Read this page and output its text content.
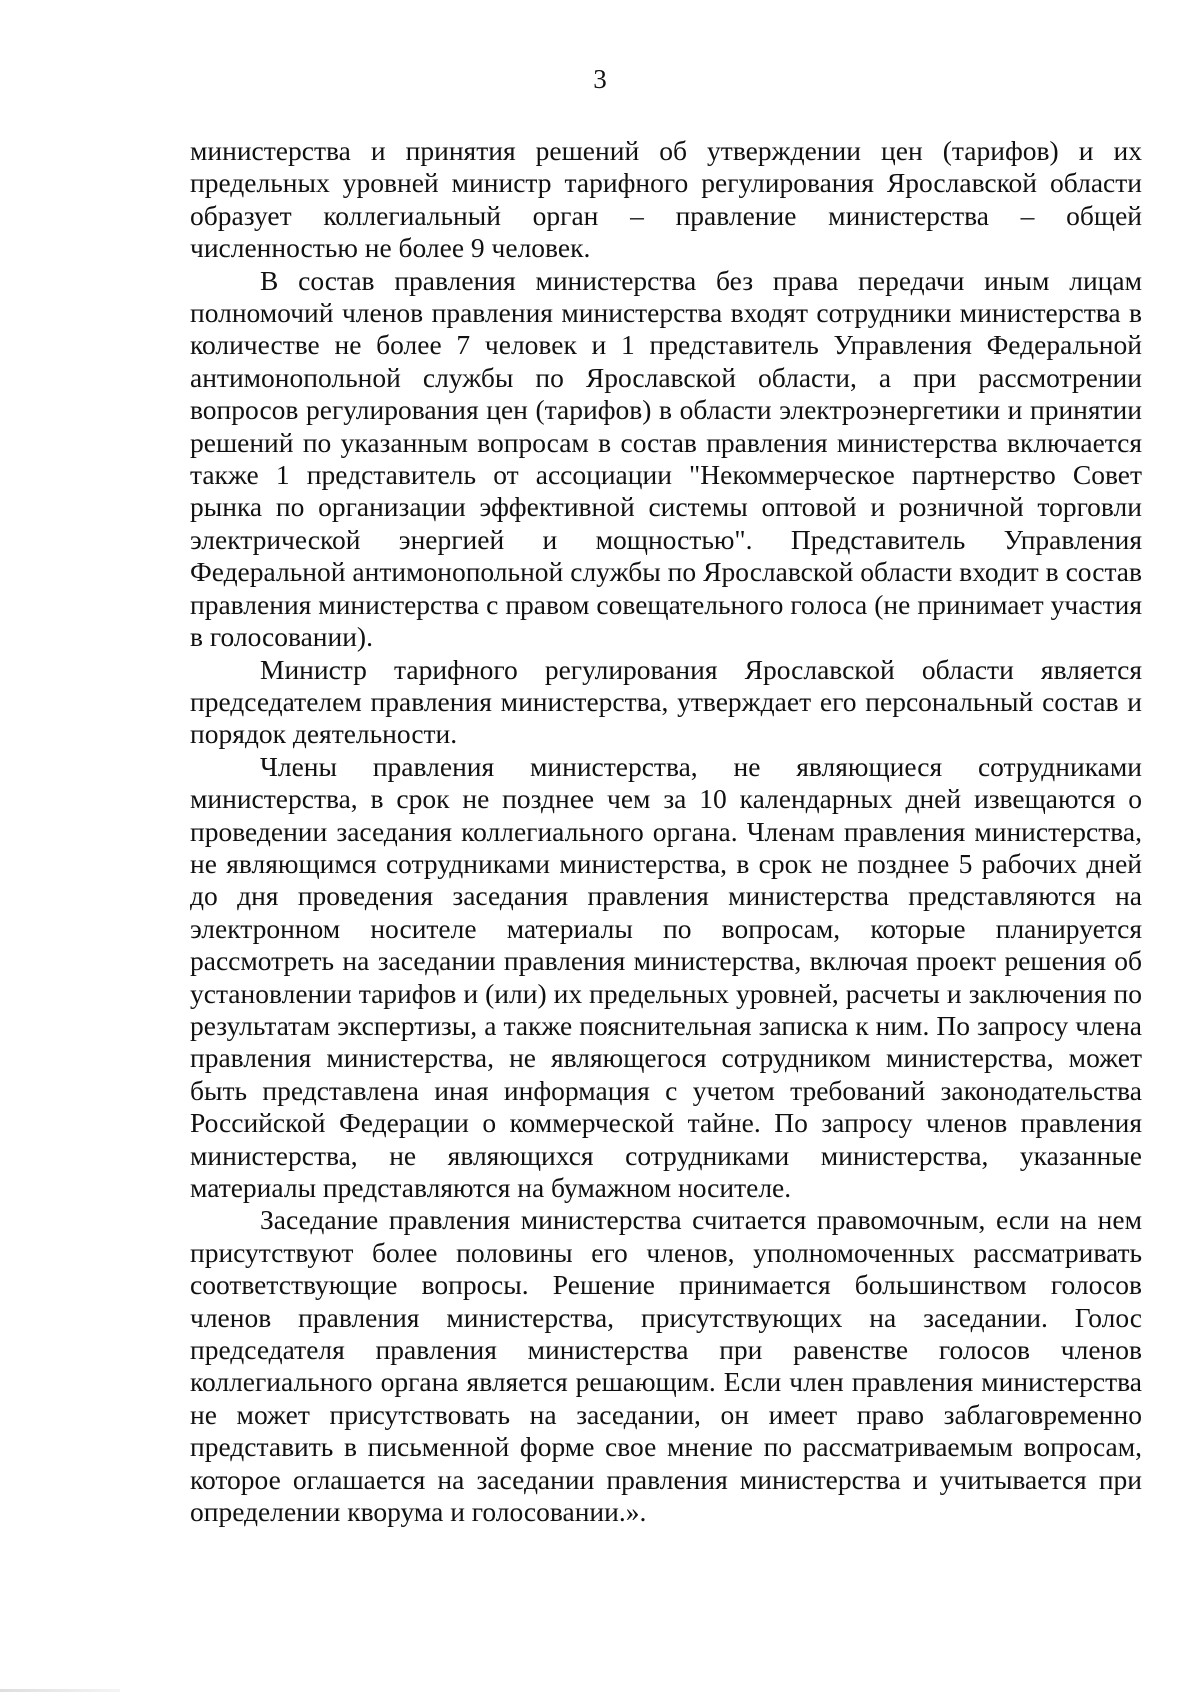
3

министерства и принятия решений об утверждении цен (тарифов) и их предельных уровней министр тарифного регулирования Ярославской области образует коллегиальный орган – правление министерства – общей численностью не более 9 человек.

В состав правления министерства без права передачи иным лицам полномочий членов правления министерства входят сотрудники министерства в количестве не более 7 человек и 1 представитель Управления Федеральной антимонопольной службы по Ярославской области, а при рассмотрении вопросов регулирования цен (тарифов) в области электроэнергетики и принятии решений по указанным вопросам в состав правления министерства включается также 1 представитель от ассоциации "Некоммерческое партнерство Совет рынка по организации эффективной системы оптовой и розничной торговли электрической энергией и мощностью". Представитель Управления Федеральной антимонопольной службы по Ярославской области входит в состав правления министерства с правом совещательного голоса (не принимает участия в голосовании).

Министр тарифного регулирования Ярославской области является председателем правления министерства, утверждает его персональный состав и порядок деятельности.

Члены правления министерства, не являющиеся сотрудниками министерства, в срок не позднее чем за 10 календарных дней извещаются о проведении заседания коллегиального органа. Членам правления министерства, не являющимся сотрудниками министерства, в срок не позднее 5 рабочих дней до дня проведения заседания правления министерства представляются на электронном носителе материалы по вопросам, которые планируется рассмотреть на заседании правления министерства, включая проект решения об установлении тарифов и (или) их предельных уровней, расчеты и заключения по результатам экспертизы, а также пояснительная записка к ним. По запросу члена правления министерства, не являющегося сотрудником министерства, может быть представлена иная информация с учетом требований законодательства Российской Федерации о коммерческой тайне. По запросу членов правления министерства, не являющихся сотрудниками министерства, указанные материалы представляются на бумажном носителе.

Заседание правления министерства считается правомочным, если на нем присутствуют более половины его членов, уполномоченных рассматривать соответствующие вопросы. Решение принимается большинством голосов членов правления министерства, присутствующих на заседании. Голос председателя правления министерства при равенстве голосов членов коллегиального органа является решающим. Если член правления министерства не может присутствовать на заседании, он имеет право заблаговременно представить в письменной форме свое мнение по рассматриваемым вопросам, которое оглашается на заседании правления министерства и учитывается при определении кворума и голосовании.».
